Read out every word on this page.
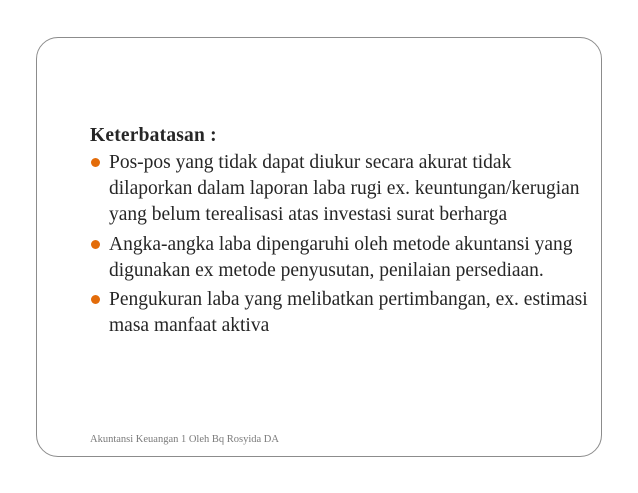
Keterbatasan :
Pos-pos yang tidak dapat diukur secara akurat tidak
dilaporkan dalam laporan laba rugi ex. keuntungan/kerugian
yang belum terealisasi atas investasi surat berharga
Angka-angka laba dipengaruhi oleh metode akuntansi yang
digunakan ex metode penyusutan, penilaian persediaan.
Pengukuran laba yang melibatkan pertimbangan, ex. estimasi
masa manfaat aktiva
Akuntansi Keuangan 1 Oleh Bq Rosyida DA
